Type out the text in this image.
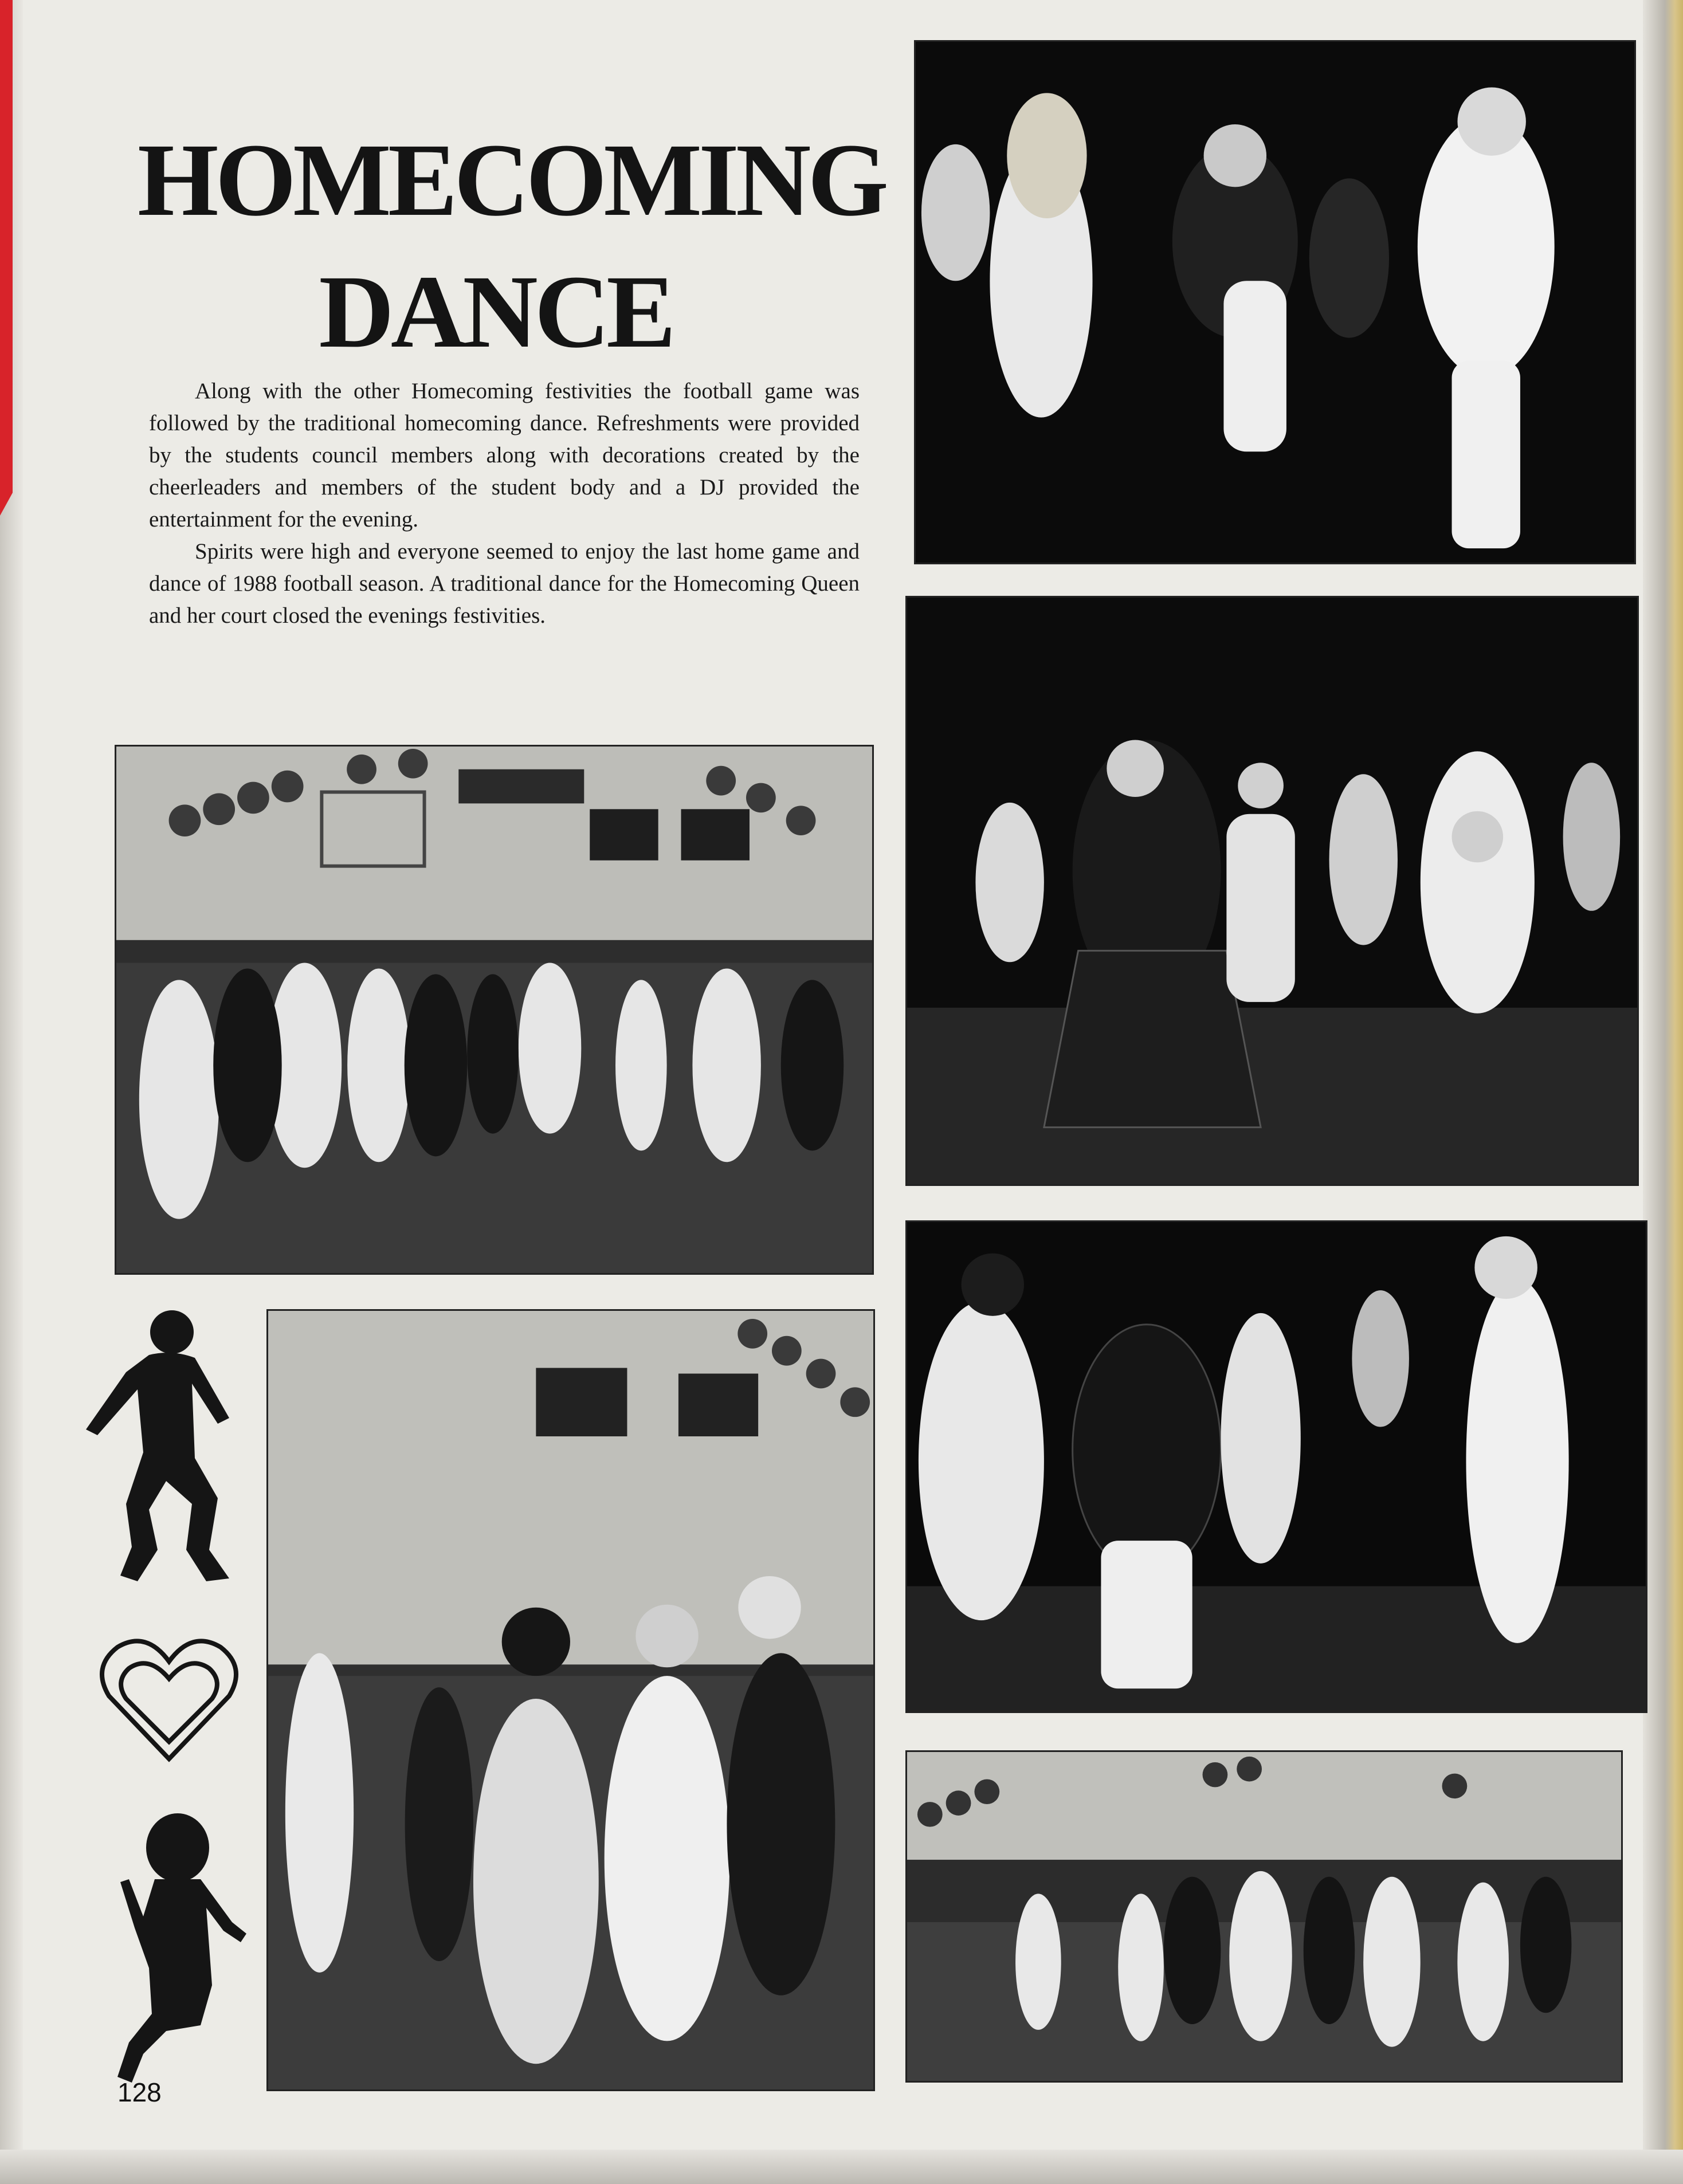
HOMECOMING
DANCE

Along with the other Homecoming festivities the football game was followed by the traditional homecoming dance. Refreshments were provided by the students council members along with decorations created by the cheerleaders and members of the student body and a DJ provided the entertainment for the evening.

Spirits were high and everyone seemed to enjoy the last home game and dance of 1988 football season. A traditional dance for the Homecoming Queen and her court closed the evenings festivities.

128
